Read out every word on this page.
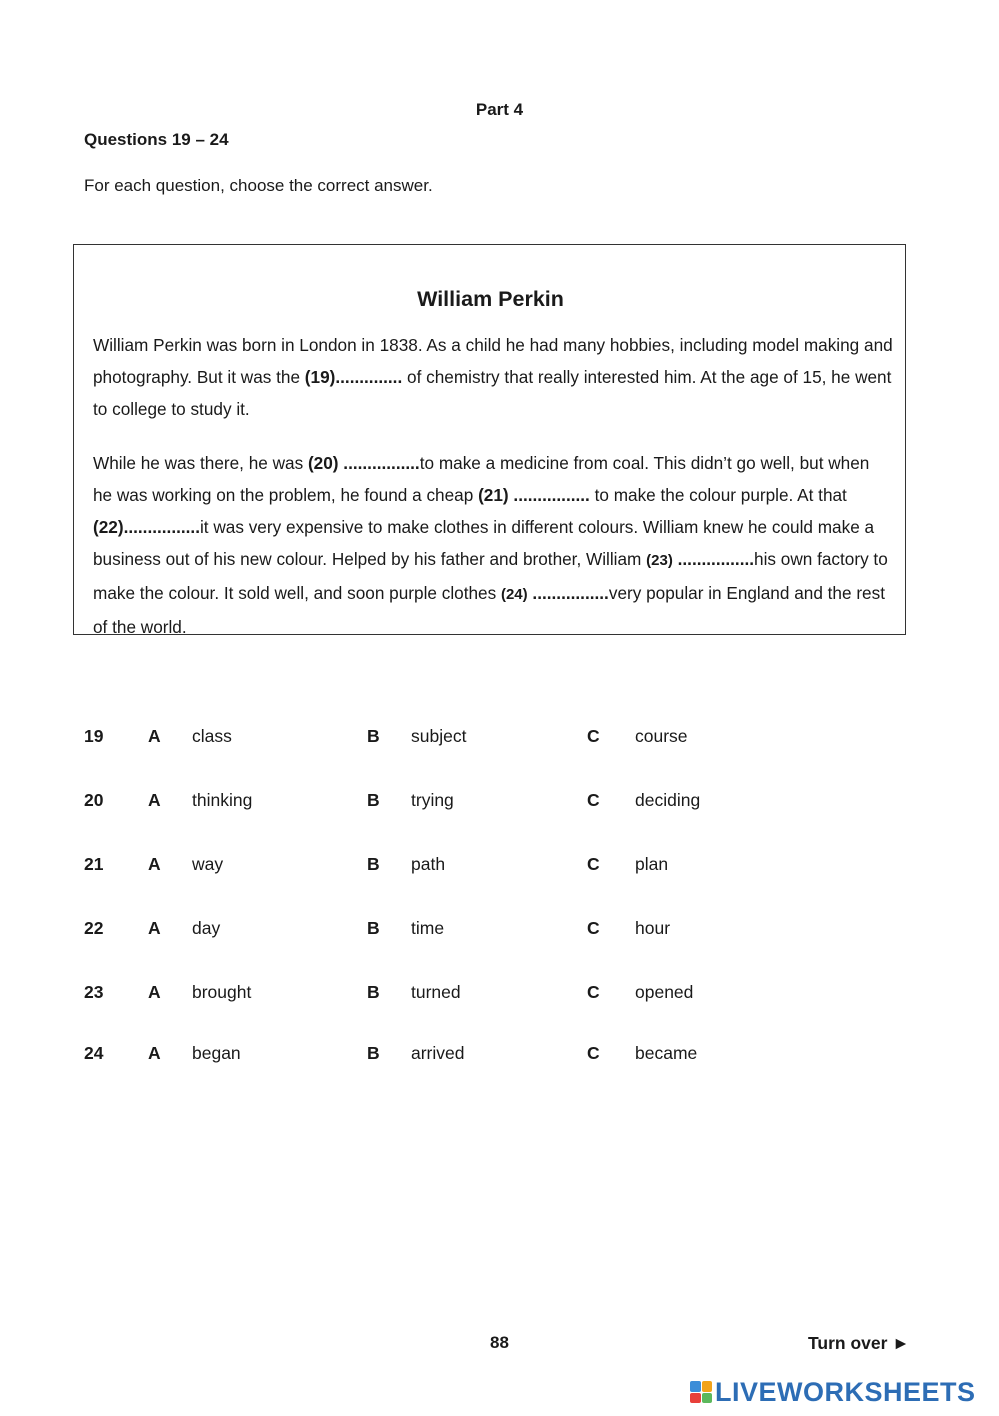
Part 4
Questions 19 – 24
For each question, choose the correct answer.
William Perkin
William Perkin was born in London in 1838. As a child he had many hobbies, including model making and photography. But it was the (19).............. of chemistry that really interested him. At the age of 15, he went to college to study it.
While he was there, he was (20) ................to make a medicine from coal. This didn’t go well, but when he was working on the problem, he found a cheap (21) ................ to make the colour purple. At that (22)................it was very expensive to make clothes in different colours. William knew he could make a business out of his new colour. Helped by his father and brother, William (23) ................his own factory to make the colour. It sold well, and soon purple clothes (24) ................very popular in England and the rest of the world.
19	A class	B subject	C course
20	A thinking	B trying	C deciding
21	A way	B path	C plan
22	A day	B time	C hour
23	A brought	B turned	C opened
24	A began	B arrived	C became
88	Turn over ►
LIVEWORKSHEETS
